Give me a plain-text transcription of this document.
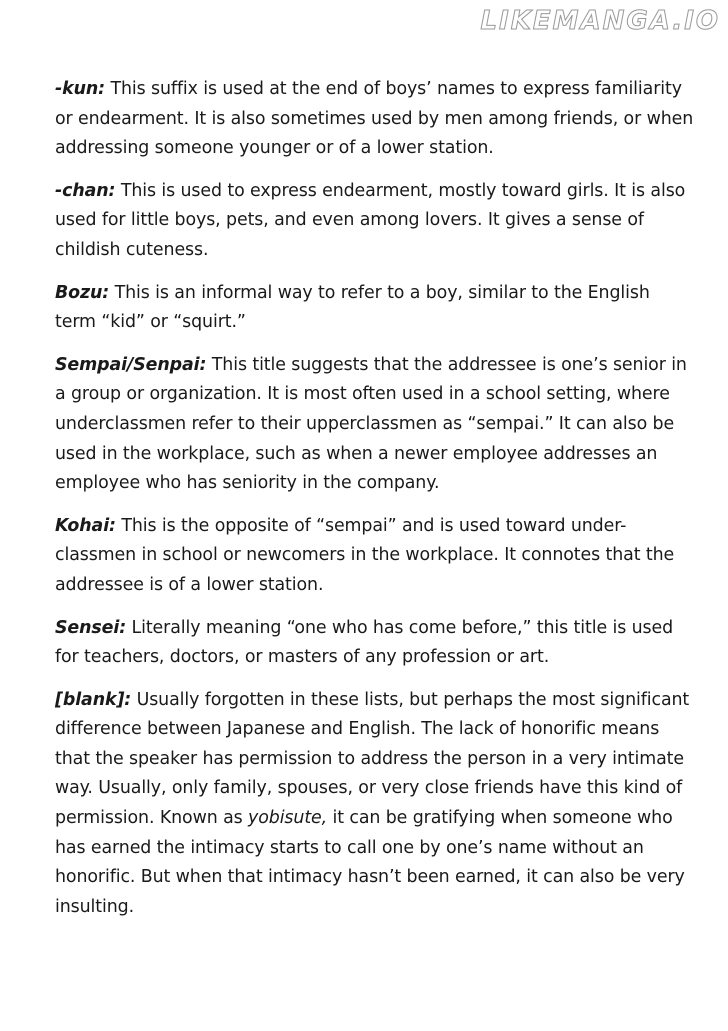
LIKEMANGA.IO

-kun: This suffix is used at the end of boys’ names to express familiarity or endearment. It is also sometimes used by men among friends, or when addressing someone younger or of a lower station.

-chan: This is used to express endearment, mostly toward girls. It is also used for little boys, pets, and even among lovers. It gives a sense of childish cuteness.

Bozu: This is an informal way to refer to a boy, similar to the English term “kid” or “squirt.”

Sempai/Senpai: This title suggests that the addressee is one’s senior in a group or organization. It is most often used in a school setting, where underclassmen refer to their upperclassmen as “sempai.” It can also be used in the workplace, such as when a newer employee addresses an employee who has seniority in the company.

Kohai: This is the opposite of “sempai” and is used toward under-classmen in school or newcomers in the workplace. It connotes that the addressee is of a lower station.

Sensei: Literally meaning “one who has come before,” this title is used for teachers, doctors, or masters of any profession or art.

[blank]: Usually forgotten in these lists, but perhaps the most significant difference between Japanese and English. The lack of honorific means that the speaker has permission to address the person in a very intimate way. Usually, only family, spouses, or very close friends have this kind of permission. Known as yobisute, it can be gratifying when someone who has earned the intimacy starts to call one by one’s name without an honorific. But when that intimacy hasn’t been earned, it can also be very insulting.
